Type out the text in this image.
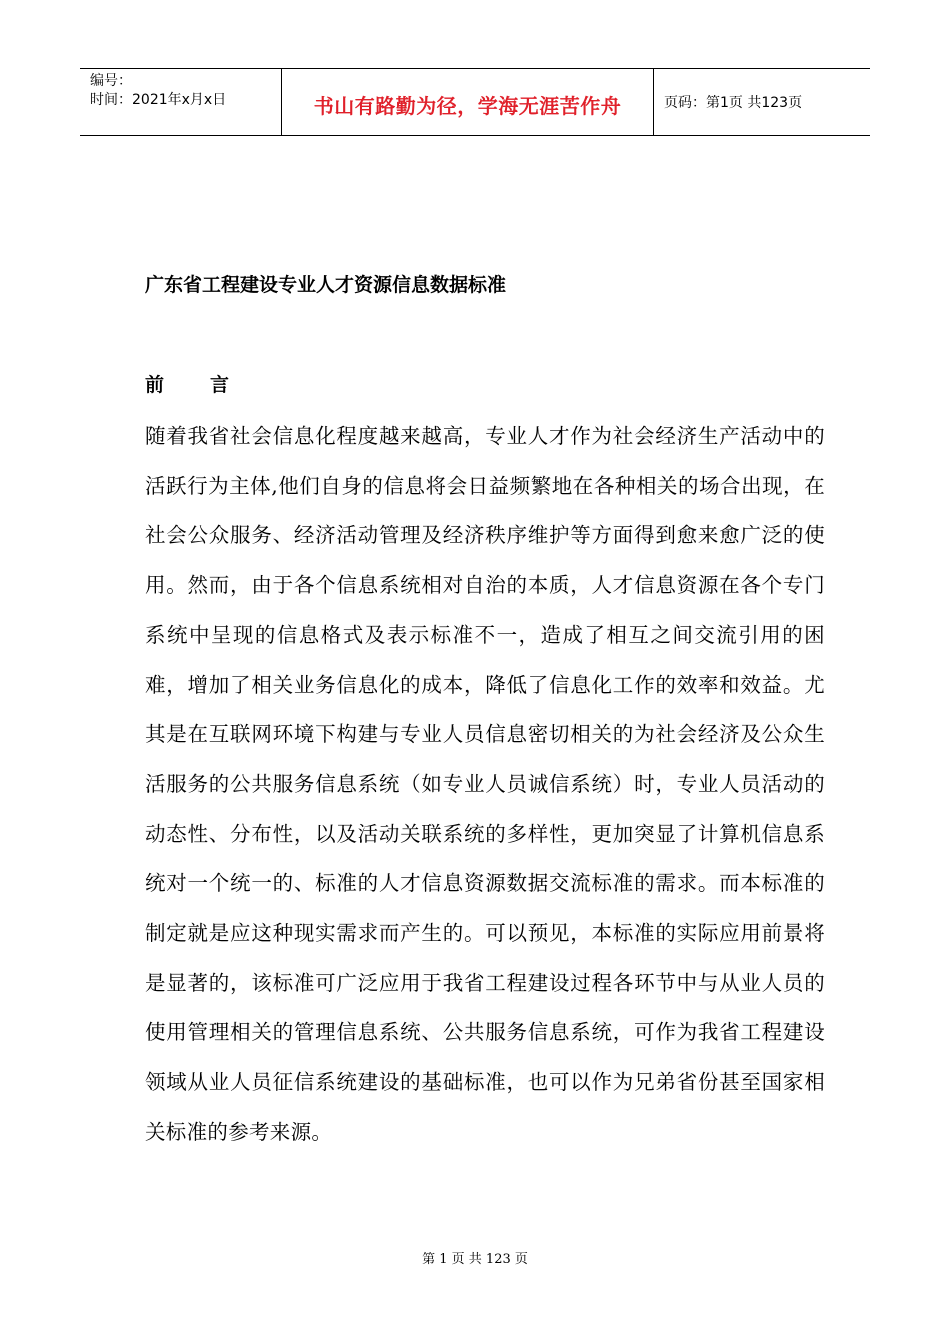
编号：
时间：2021年x月x日	书山有路勤为径，学海无涯苦作舟	页码：第1页 共123页
广东省工程建设专业人才资源信息数据标准
前言

随着我省社会信息化程度越来越高，专业人才作为社会经济生产活动中的活跃行为主体,他们自身的信息将会日益频繁地在各种相关的场合出现，在社会公众服务、经济活动管理及经济秩序维护等方面得到愈来愈广泛的使用。然而，由于各个信息系统相对自治的本质，人才信息资源在各个专门系统中呈现的信息格式及表示标准不一，造成了相互之间交流引用的困难，增加了相关业务信息化的成本，降低了信息化工作的效率和效益。尤其是在互联网环境下构建与专业人员信息密切相关的为社会经济及公众生活服务的公共服务信息系统（如专业人员诚信系统）时，专业人员活动的动态性、分布性，以及活动关联系统的多样性，更加突显了计算机信息系统对一个统一的、标准的人才信息资源数据交流标准的需求。而本标准的制定就是应这种现实需求而产生的。可以预见，本标准的实际应用前景将是显著的，该标准可广泛应用于我省工程建设过程各环节中与从业人员的使用管理相关的管理信息系统、公共服务信息系统，可作为我省工程建设领域从业人员征信系统建设的基础标准，也可以作为兄弟省份甚至国家相关标准的参考来源。

第 1 页 共 123 页
